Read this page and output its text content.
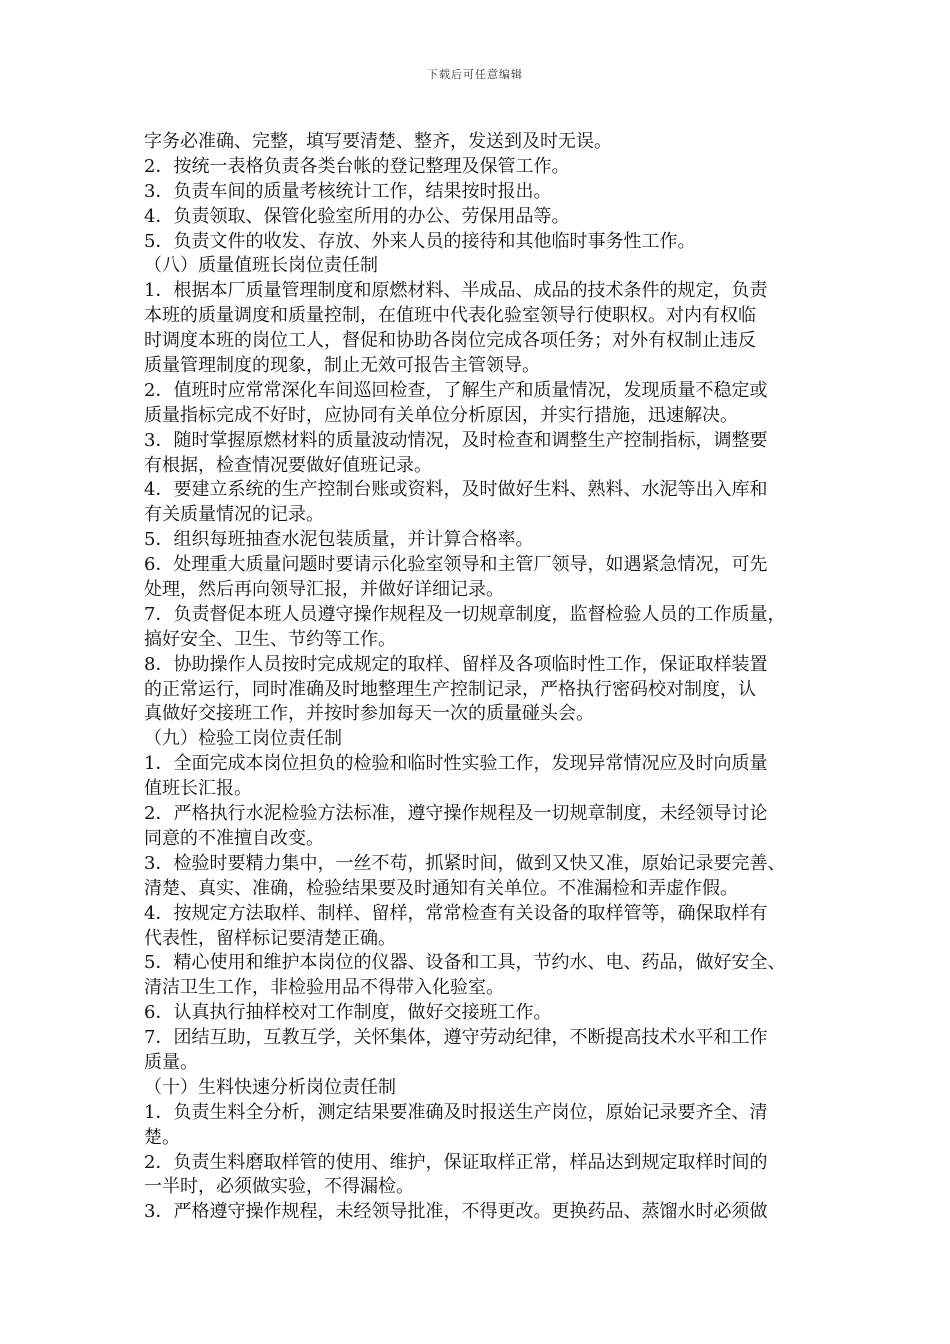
下载后可任意编辑
字务必准确、完整，填写要清楚、整齐，发送到及时无误。
2．按统一表格负责各类台帐的登记整理及保管工作。
3．负责车间的质量考核统计工作，结果按时报出。
4．负责领取、保管化验室所用的办公、劳保用品等。
5．负责文件的收发、存放、外来人员的接待和其他临时事务性工作。
（八）质量值班长岗位责任制
1．根据本厂质量管理制度和原燃材料、半成品、成品的技术条件的规定，负责
本班的质量调度和质量控制，在值班中代表化验室领导行使职权。对内有权临
时调度本班的岗位工人，督促和协助各岗位完成各项任务；对外有权制止违反
质量管理制度的现象，制止无效可报告主管领导。
2．值班时应常常深化车间巡回检查，了解生产和质量情况，发现质量不稳定或
质量指标完成不好时，应协同有关单位分析原因，并实行措施，迅速解决。
3．随时掌握原燃材料的质量波动情况，及时检查和调整生产控制指标，调整要
有根据，检查情况要做好值班记录。
4．要建立系统的生产控制台账或资料，及时做好生料、熟料、水泥等出入库和
有关质量情况的记录。
5．组织每班抽查水泥包装质量，并计算合格率。
6．处理重大质量问题时要请示化验室领导和主管厂领导，如遇紧急情况，可先
处理，然后再向领导汇报，并做好详细记录。
7．负责督促本班人员遵守操作规程及一切规章制度，监督检验人员的工作质量，
搞好安全、卫生、节约等工作。
8．协助操作人员按时完成规定的取样、留样及各项临时性工作，保证取样装置
的正常运行，同时准确及时地整理生产控制记录，严格执行密码校对制度，认
真做好交接班工作，并按时参加每天一次的质量碰头会。
（九）检验工岗位责任制
1．全面完成本岗位担负的检验和临时性实验工作，发现异常情况应及时向质量
值班长汇报。
2．严格执行水泥检验方法标准，遵守操作规程及一切规章制度，未经领导讨论
同意的不准擅自改变。
3．检验时要精力集中，一丝不苟，抓紧时间，做到又快又准，原始记录要完善、
清楚、真实、准确，检验结果要及时通知有关单位。不准漏检和弄虚作假。
4．按规定方法取样、制样、留样，常常检查有关设备的取样管等，确保取样有
代表性，留样标记要清楚正确。
5．精心使用和维护本岗位的仪器、设备和工具，节约水、电、药品，做好安全、
清洁卫生工作，非检验用品不得带入化验室。
6．认真执行抽样校对工作制度，做好交接班工作。
7．团结互助，互教互学，关怀集体，遵守劳动纪律，不断提高技术水平和工作
质量。
（十）生料快速分析岗位责任制
1．负责生料全分析，测定结果要准确及时报送生产岗位，原始记录要齐全、清
楚。
2．负责生料磨取样管的使用、维护，保证取样正常，样品达到规定取样时间的
一半时，必须做实验，不得漏检。
3．严格遵守操作规程，未经领导批准，不得更改。更换药品、蒸馏水时必须做
